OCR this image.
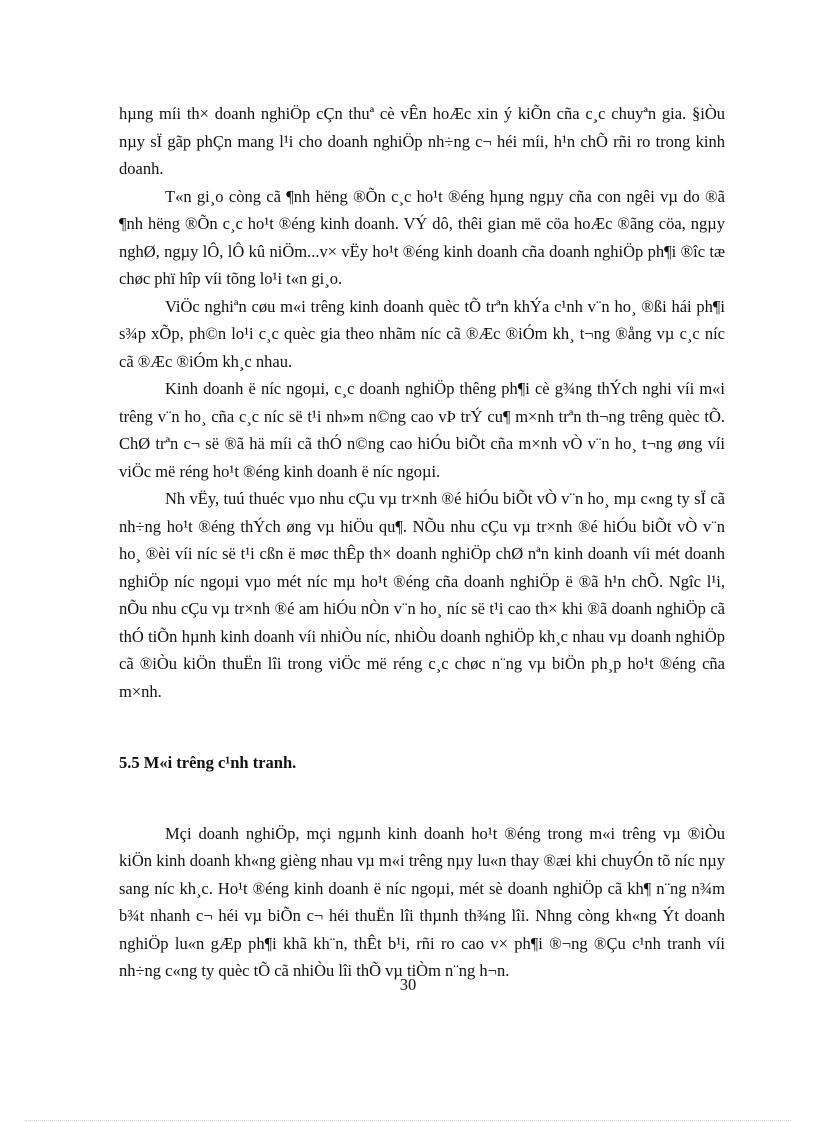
hµng míi th× doanh nghiÖp cÇn thuª cè vÊn hoÆc xin ý kiÕn cña c¸c chuyªn gia. §iÒu nµy sÏ gãp phÇn mang l¹i cho doanh nghiÖp nh÷ng c¬ héi míi, h¹n chÕ rñi ro trong kinh doanh.

T«n gi¸o còng cã ¶nh hëng ®Õn c¸c ho¹t ®éng hµng ngµy cña con ngêi vµ do ®ã ¶nh hëng ®Õn c¸c ho¹t ®éng kinh doanh. VÝ dô, thêi gian më cöa hoÆc ®ãng cöa, ngµy nghØ, ngµy lÔ, lÔ kû niÖm...v× vËy ho¹t ®éng kinh doanh cña doanh nghiÖp ph¶i ®îc tæ chøc phï hîp víi tõng lo¹i t«n gi¸o.

ViÖc nghiªn cøu m«i trêng kinh doanh quèc tÕ trªn khÝa c¹nh v¨n ho¸ ®ßi hái ph¶i s¾p xÕp, ph©n lo¹i c¸c quèc gia theo nhãm níc cã ®Æc ®iÓm kh¸ t¬ng ®ång vµ c¸c níc cã ®Æc ®iÓm kh¸c nhau.

Kinh doanh ë níc ngoµi, c¸c doanh nghiÖp thêng ph¶i cè g¾ng thÝch nghi víi m«i trêng v¨n ho¸ cña c¸c níc së t¹i nh»m n©ng cao vÞ trÝ cu¶ m×nh trªn th¬ng trêng quèc tÕ. ChØ trªn c¬ së ®ã hä míi cã thÓ n©ng cao hiÓu biÕt cña m×nh vÒ v¨n ho¸ t¬ng øng víi viÖc më réng ho¹t ®éng kinh doanh ë níc ngoµi.

Nh vËy, tuú thuéc vµo nhu cÇu vµ tr×nh ®é hiÓu biÕt vÒ v¨n ho¸ mµ c«ng ty sÏ cã nh÷ng ho¹t ®éng thÝch øng vµ hiÖu qu¶. NÕu nhu cÇu vµ tr×nh ®é hiÓu biÕt vÒ v¨n ho¸ ®èi víi níc së t¹i cßn ë møc thÊp th× doanh nghiÖp chØ nªn kinh doanh víi mét doanh nghiÖp níc ngoµi vµo mét níc mµ ho¹t ®éng cña doanh nghiÖp ë ®ã h¹n chÕ. Ngîc l¹i, nÕu nhu cÇu vµ tr×nh ®é am hiÓu nÒn v¨n ho¸ níc së t¹i cao th× khi ®ã doanh nghiÖp cã thÓ tiÕn hµnh kinh doanh víi nhiÒu níc, nhiÒu doanh nghiÖp kh¸c nhau vµ doanh nghiÖp cã ®iÒu kiÖn thuËn lîi trong viÖc më réng c¸c chøc n¨ng vµ biÖn ph¸p ho¹t ®éng cña m×nh.

5.5 M«i trêng c¹nh tranh.

Mçi doanh nghiÖp, mçi ngµnh kinh doanh ho¹t ®éng trong m«i trêng vµ ®iÒu kiÖn kinh doanh kh«ng gièng nhau vµ m«i trêng nµy lu«n thay ®æi khi chuyÓn tõ níc nµy sang níc kh¸c. Ho¹t ®éng kinh doanh ë níc ngoµi, mét sè doanh nghiÖp cã kh¶ n¨ng n¾m b¾t nhanh c¬ héi vµ biÕn c¬ héi thuËn lîi thµnh th¾ng lîi. Nhng còng kh«ng Ýt doanh nghiÖp lu«n gÆp ph¶i khã kh¨n, thÊt b¹i, rñi ro cao v× ph¶i ®¬ng ®Çu c¹nh tranh víi nh÷ng c«ng ty quèc tÕ cã nhiÒu lîi thÕ vµ tiÒm n¨ng h¬n.

30
